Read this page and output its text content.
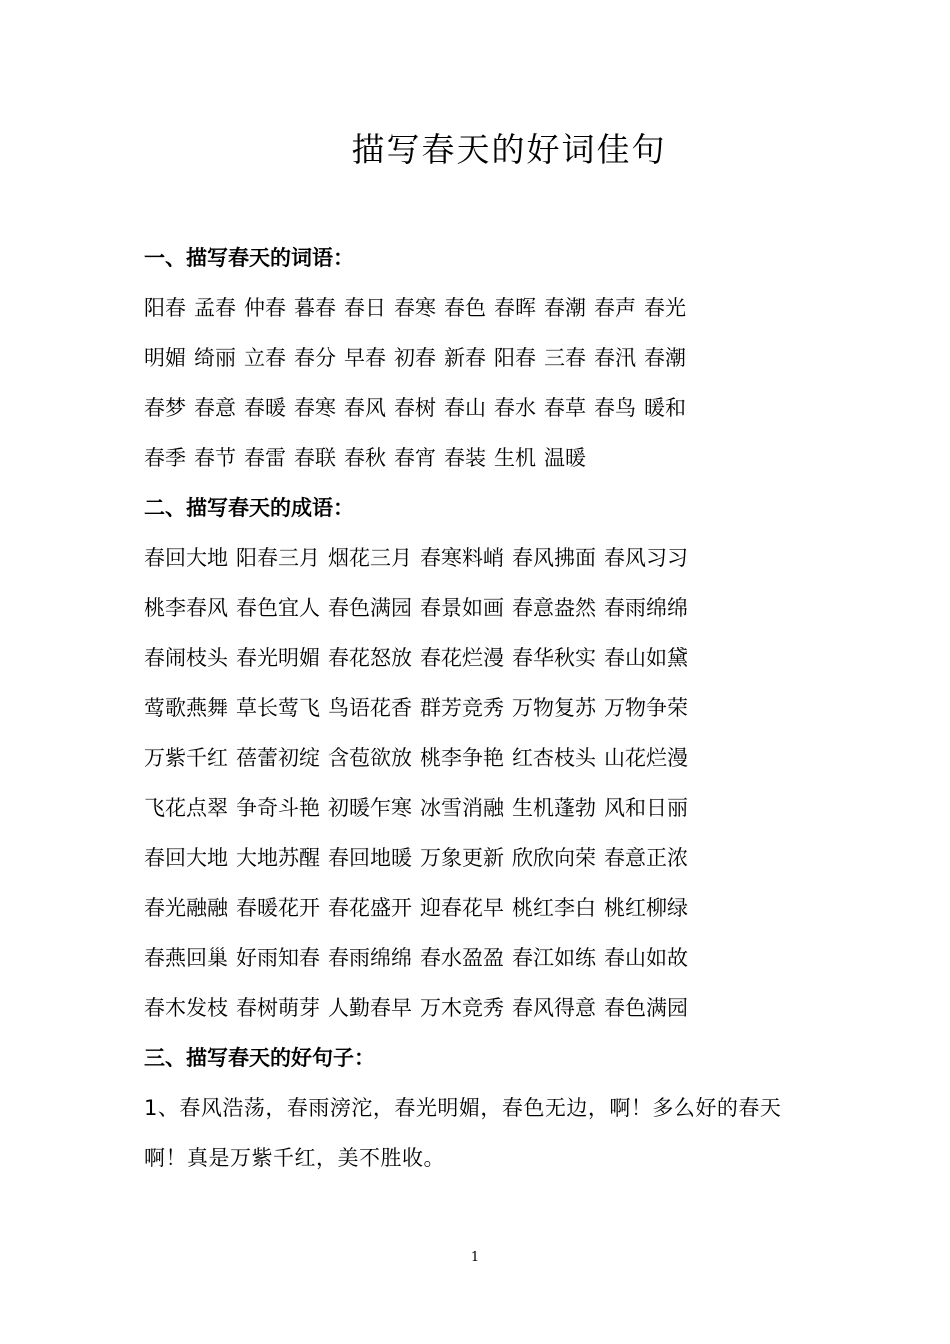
描写春天的好词佳句
一、描写春天的词语：
阳春 孟春 仲春 暮春 春日 春寒 春色 春晖 春潮 春声 春光
明媚 绮丽 立春 春分 早春 初春 新春 阳春 三春 春汛 春潮
春梦 春意 春暖 春寒 春风 春树 春山 春水 春草 春鸟 暖和
春季 春节 春雷 春联 春秋 春宵 春装 生机 温暖
二、描写春天的成语：
春回大地 阳春三月 烟花三月 春寒料峭 春风拂面 春风习习
桃李春风 春色宜人 春色满园 春景如画 春意盎然 春雨绵绵
春闹枝头 春光明媚 春花怒放 春花烂漫 春华秋实 春山如黛
莺歌燕舞 草长莺飞 鸟语花香 群芳竞秀 万物复苏 万物争荣
万紫千红 蓓蕾初绽 含苞欲放 桃李争艳 红杏枝头 山花烂漫
飞花点翠 争奇斗艳 初暖乍寒 冰雪消融 生机蓬勃 风和日丽
春回大地 大地苏醒 春回地暖 万象更新 欣欣向荣 春意正浓
春光融融 春暖花开 春花盛开 迎春花早 桃红李白 桃红柳绿
春燕回巢 好雨知春 春雨绵绵 春水盈盈 春江如练 春山如故
春木发枝 春树萌芽 人勤春早 万木竞秀 春风得意 春色满园
三、描写春天的好句子：
1、春风浩荡，春雨滂沱，春光明媚，春色无边，啊！多么好的春天
啊！真是万紫千红，美不胜收。
1
